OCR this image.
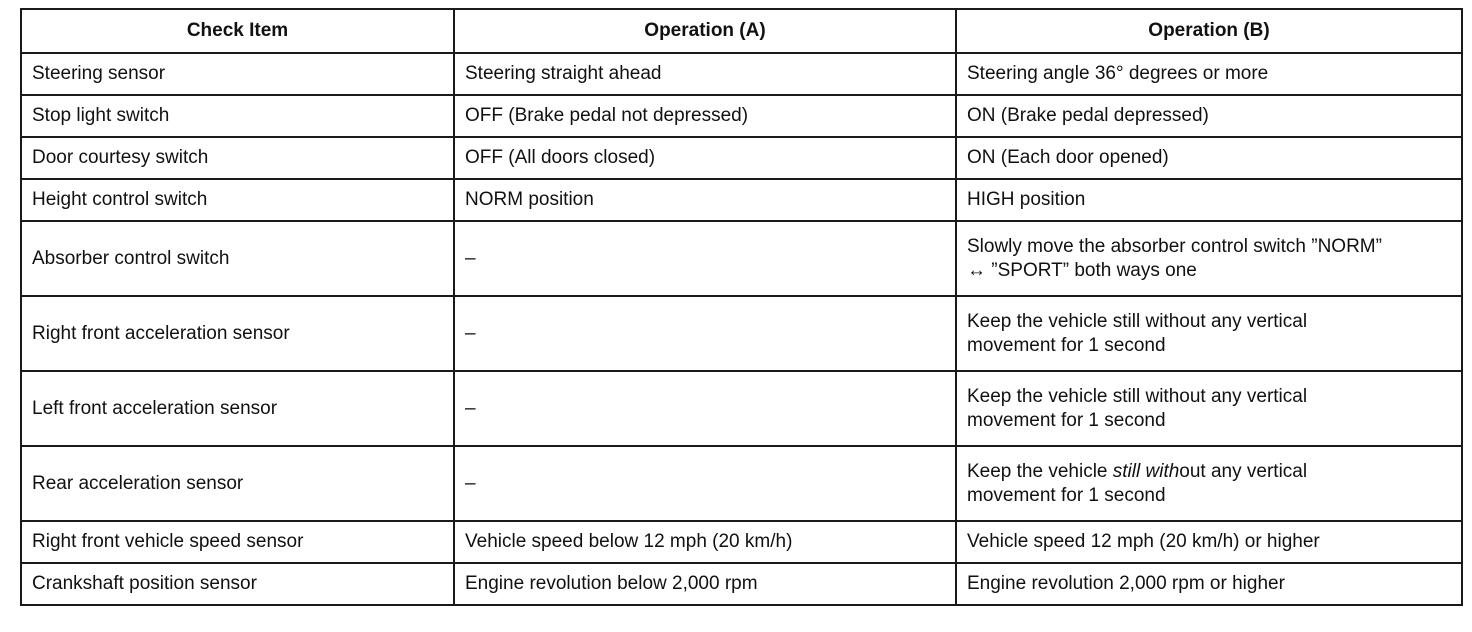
Check Item	Operation (A)	Operation (B)
Steering sensor	Steering straight ahead	Steering angle 36° degrees or more
Stop light switch	OFF (Brake pedal not depressed)	ON (Brake pedal depressed)
Door courtesy switch	OFF (All doors closed)	ON (Each door opened)
Height control switch	NORM position	HIGH position
Absorber control switch	–	Slowly move the absorber control switch ”NORM”
↔ ”SPORT” both ways one
Right front acceleration sensor	–	Keep the vehicle still without any vertical
movement for 1 second
Left front acceleration sensor	–	Keep the vehicle still without any vertical
movement for 1 second
Rear acceleration sensor	–	Keep the vehicle still without any vertical
movement for 1 second
Right front vehicle speed sensor	Vehicle speed below 12 mph (20 km/h)	Vehicle speed 12 mph (20 km/h) or higher
Crankshaft position sensor	Engine revolution below 2,000 rpm	Engine revolution 2,000 rpm or higher
